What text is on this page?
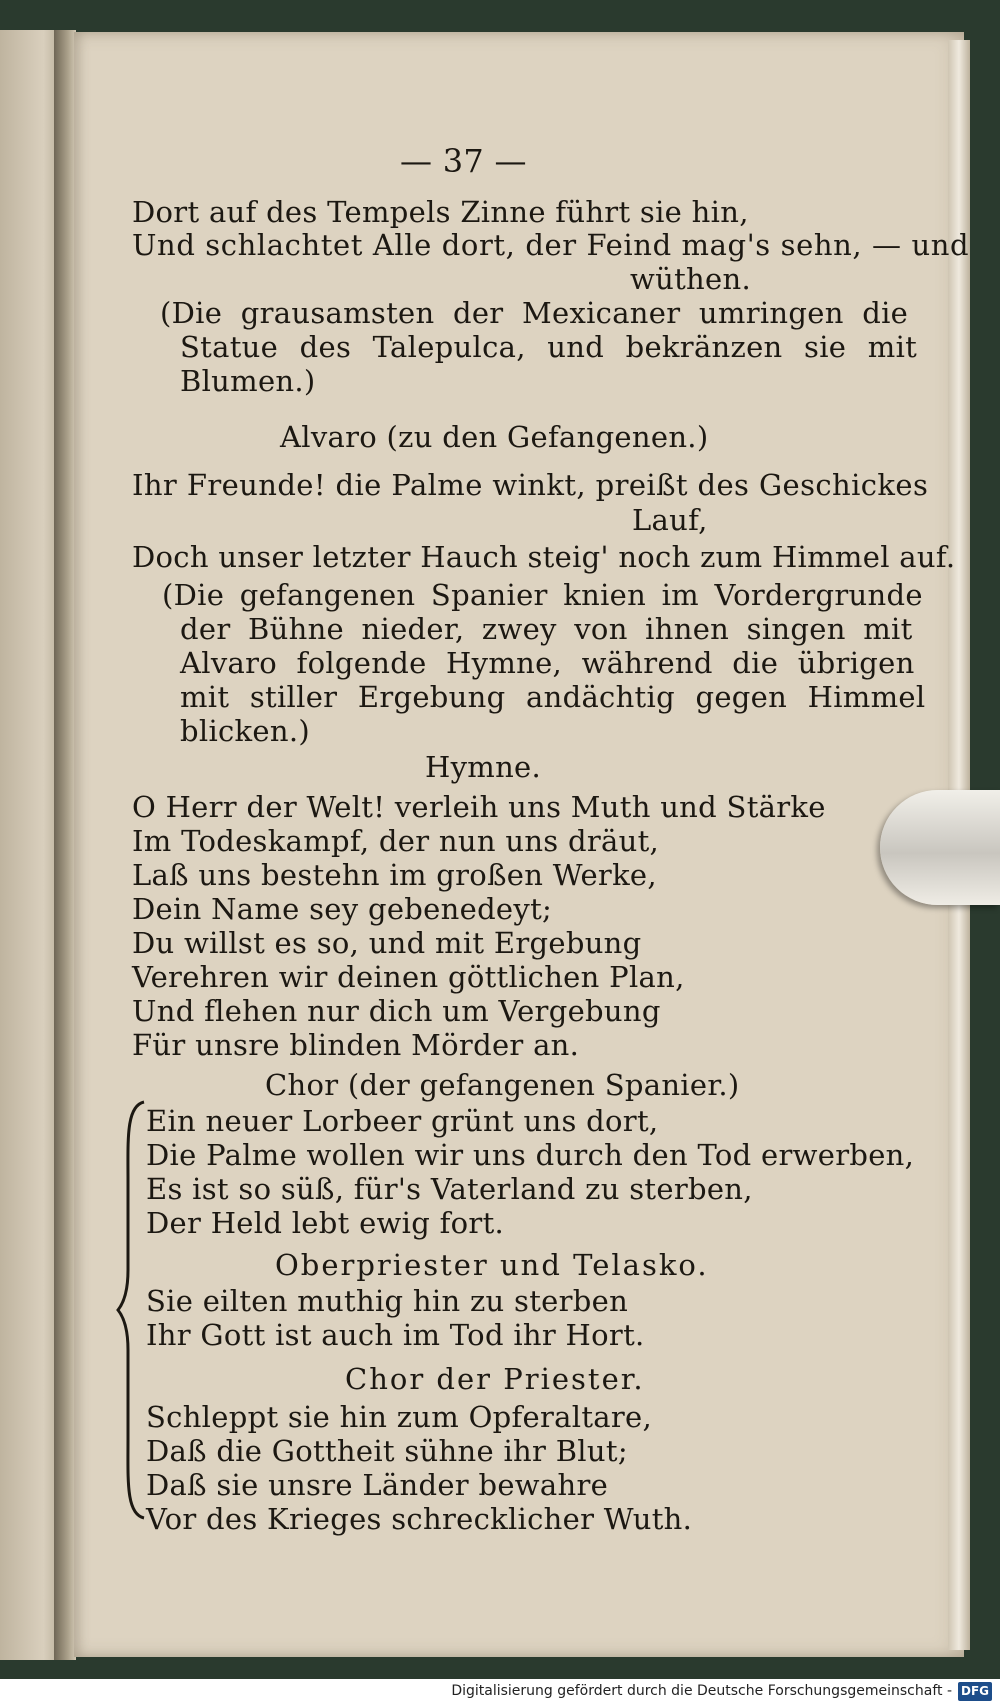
— 37 —
Dort auf des Tempels Zinne führt sie hin,
Und schlachtet Alle dort, der Feind mag's sehn, — und
wüthen.
(Die grausamsten der Mexicaner umringen die
Statue des Talepulca, und bekränzen sie mit
Blumen.)
Alvaro (zu den Gefangenen.)
Ihr Freunde! die Palme winkt, preißt des Geschickes
Lauf,
Doch unser letzter Hauch steig' noch zum Himmel auf.
(Die gefangenen Spanier knien im Vordergrunde
der Bühne nieder, zwey von ihnen singen mit
Alvaro folgende Hymne, während die übrigen
mit stiller Ergebung andächtig gegen Himmel
blicken.)
Hymne.
O Herr der Welt! verleih uns Muth und Stärke
Im Todeskampf, der nun uns dräut,
Laß uns bestehn im großen Werke,
Dein Name sey gebenedeyt;
Du willst es so, und mit Ergebung
Verehren wir deinen göttlichen Plan,
Und flehen nur dich um Vergebung
Für unsre blinden Mörder an.
Chor (der gefangenen Spanier.)
Ein neuer Lorbeer grünt uns dort,
Die Palme wollen wir uns durch den Tod erwerben,
Es ist so süß, für's Vaterland zu sterben,
Der Held lebt ewig fort.
Oberpriester und Telasko.
Sie eilten muthig hin zu sterben
Ihr Gott ist auch im Tod ihr Hort.
Chor der Priester.
Schleppt sie hin zum Opferaltare,
Daß die Gottheit sühne ihr Blut;
Daß sie unsre Länder bewahre
Vor des Krieges schrecklicher Wuth.
Digitalisierung gefördert durch die Deutsche Forschungsgemeinschaft - DFG
